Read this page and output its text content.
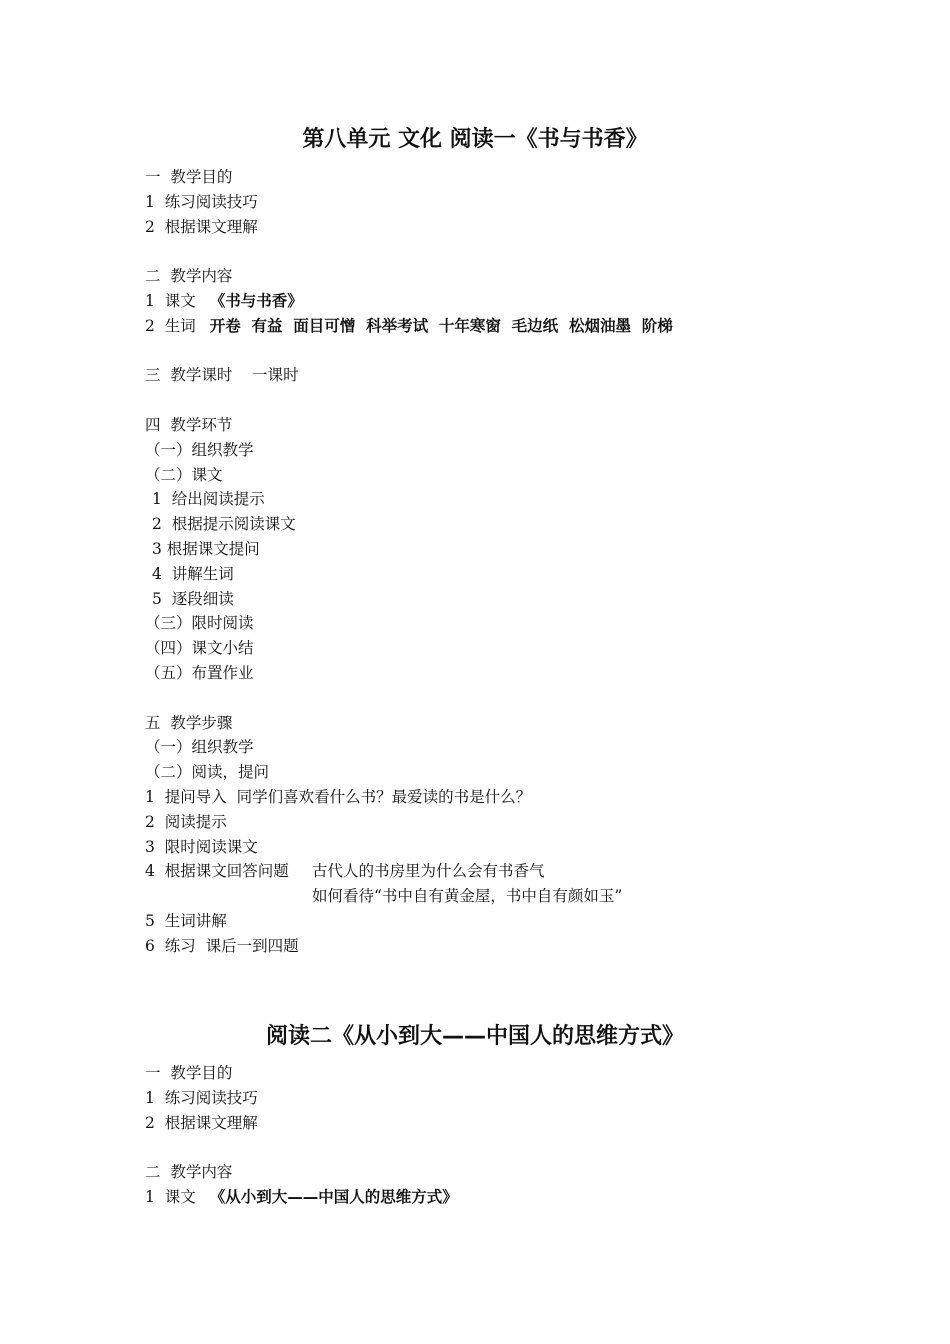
第八单元 文化 阅读一《书与书香》
一  教学目的
1  练习阅读技巧
2  根据课文理解
二  教学内容
1  课文 《书与书香》
2  生词 开卷  有益  面目可憎  科举考试  十年寒窗  毛边纸  松烟油墨  阶梯
三  教学课时    一课时
四  教学环节
（一）组织教学
（二）课文
1  给出阅读提示
2  根据提示阅读课文
3 根据课文提问
4  讲解生词
5  逐段细读
（三）限时阅读
（四）课文小结
（五）布置作业
五  教学步骤
（一）组织教学
（二）阅读，提问
1  提问导入  同学们喜欢看什么书？最爱读的书是什么？
2  阅读提示
3  限时阅读课文
4  根据课文回答问题	古代人的书房里为什么会有书香气
如何看待“书中自有黄金屋，书中自有颜如玉”
5  生词讲解
6  练习  课后一到四题
阅读二《从小到大——中国人的思维方式》
一  教学目的
1  练习阅读技巧
2  根据课文理解
二  教学内容
1  课文 《从小到大——中国人的思维方式》
